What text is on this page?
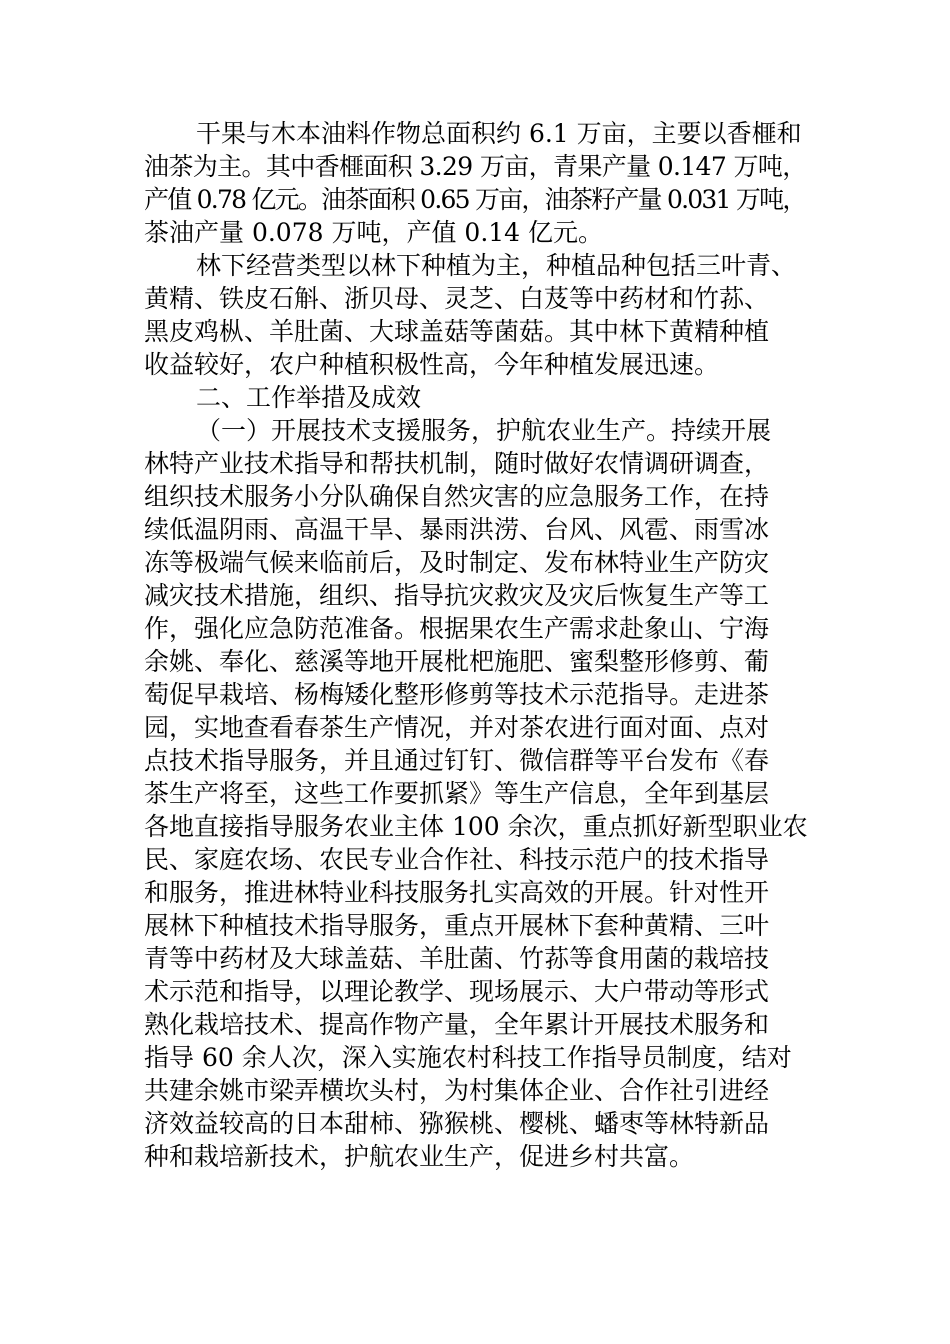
干果与木本油料作物总面积约 6.1 万亩，主要以香榧和
油茶为主。其中香榧面积 3.29 万亩，青果产量 0.147 万吨，
产值 0.78 亿元。油茶面积 0.65 万亩，油茶籽产量 0.031 万吨，
茶油产量 0.078 万吨，产值 0.14 亿元。
林下经营类型以林下种植为主，种植品种包括三叶青、
黄精、铁皮石斛、浙贝母、灵芝、白芨等中药材和竹荪、
黑皮鸡枞、羊肚菌、大球盖菇等菌菇。其中林下黄精种植
收益较好，农户种植积极性高，今年种植发展迅速。
二、工作举措及成效
（一）开展技术支援服务，护航农业生产。持续开展
林特产业技术指导和帮扶机制，随时做好农情调研调查，
组织技术服务小分队确保自然灾害的应急服务工作，在持
续低温阴雨、高温干旱、暴雨洪涝、台风、风雹、雨雪冰
冻等极端气候来临前后，及时制定、发布林特业生产防灾
减灾技术措施，组织、指导抗灾救灾及灾后恢复生产等工
作，强化应急防范准备。根据果农生产需求赴象山、宁海
余姚、奉化、慈溪等地开展枇杷施肥、蜜梨整形修剪、葡
萄促早栽培、杨梅矮化整形修剪等技术示范指导。走进茶
园，实地查看春茶生产情况，并对茶农进行面对面、点对
点技术指导服务，并且通过钉钉、微信群等平台发布《春
茶生产将至，这些工作要抓紧》等生产信息，全年到基层
各地直接指导服务农业主体 100 余次，重点抓好新型职业农
民、家庭农场、农民专业合作社、科技示范户的技术指导
和服务，推进林特业科技服务扎实高效的开展。针对性开
展林下种植技术指导服务，重点开展林下套种黄精、三叶
青等中药材及大球盖菇、羊肚菌、竹荪等食用菌的栽培技
术示范和指导，以理论教学、现场展示、大户带动等形式
熟化栽培技术、提高作物产量，全年累计开展技术服务和
指导 60 余人次，深入实施农村科技工作指导员制度，结对
共建余姚市梁弄横坎头村，为村集体企业、合作社引进经
济效益较高的日本甜柿、猕猴桃、樱桃、蟠枣等林特新品
种和栽培新技术，护航农业生产，促进乡村共富。
